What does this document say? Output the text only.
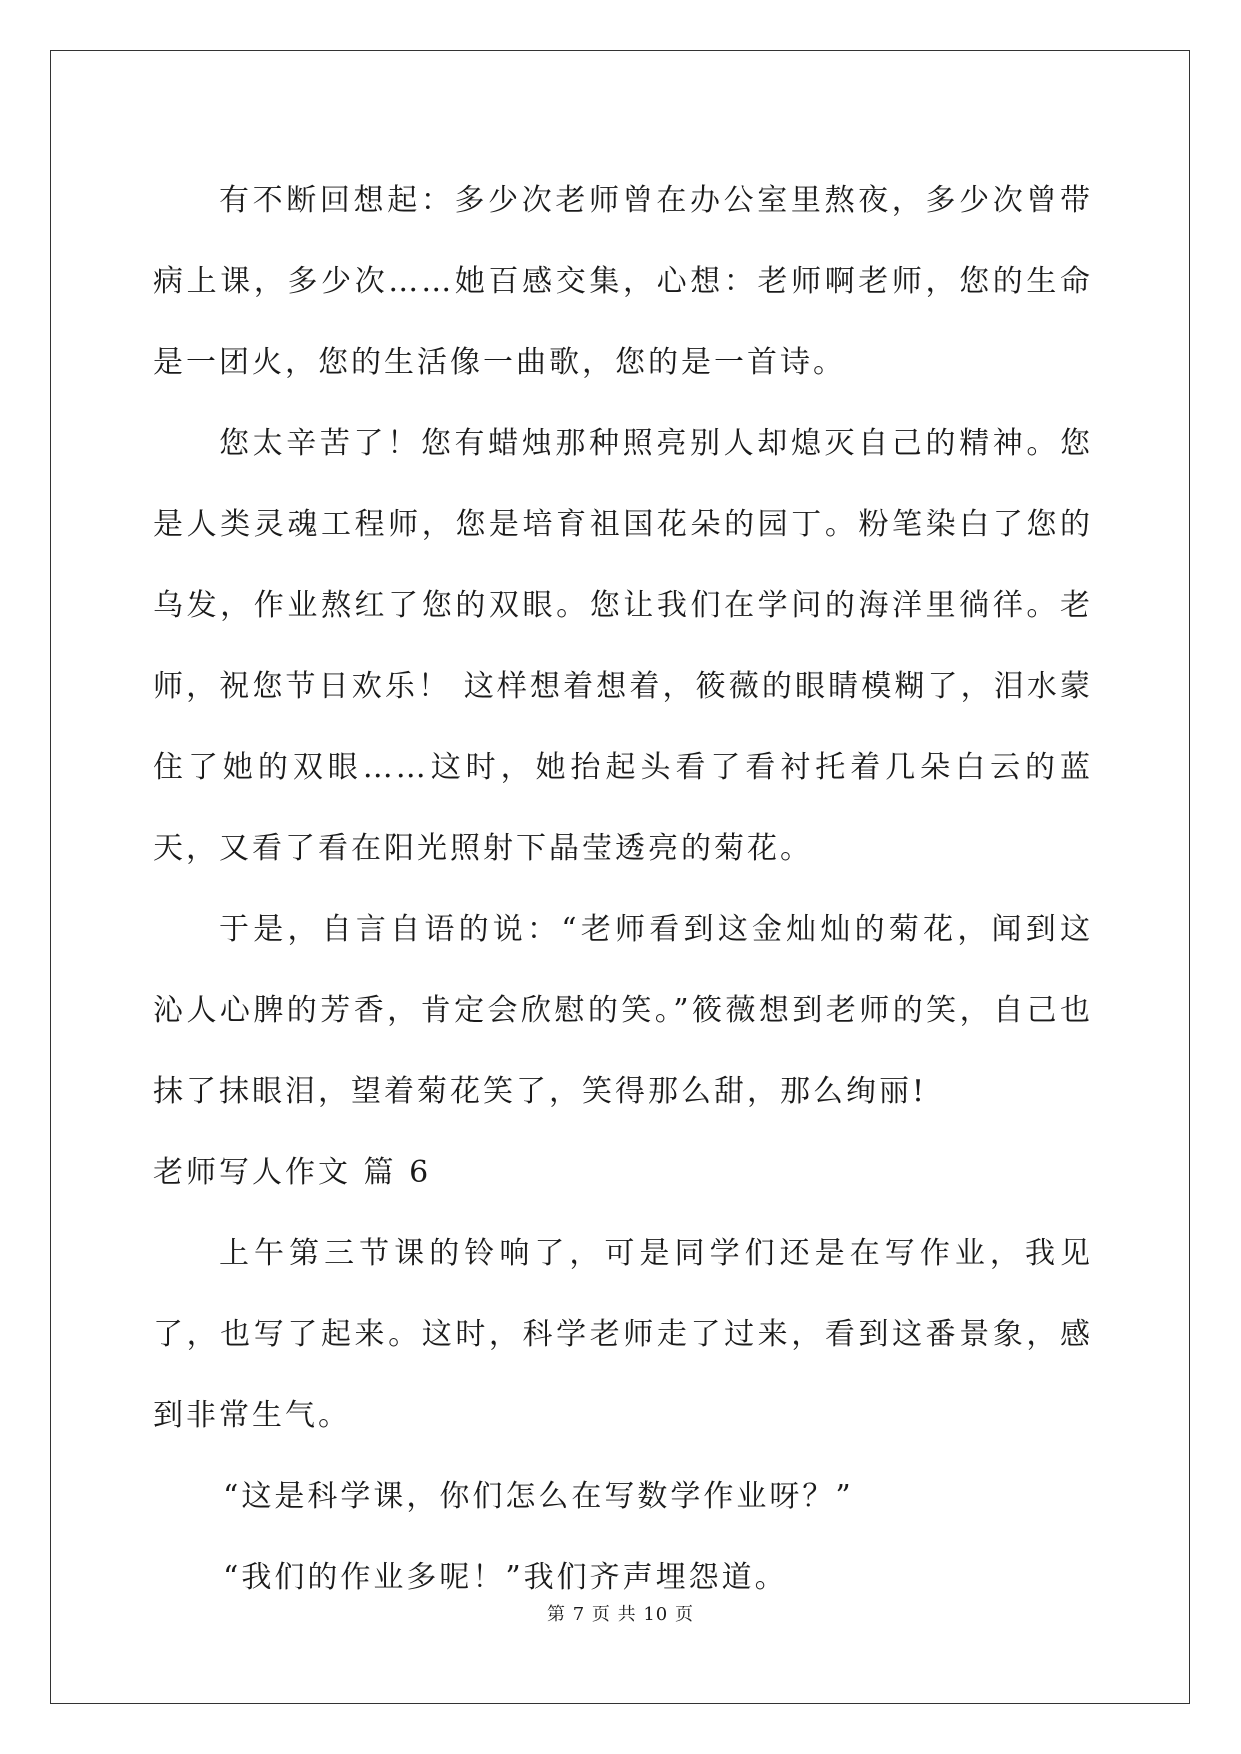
有不断回想起：多少次老师曾在办公室里熬夜，多少次曾带病上课，多少次……她百感交集，心想：老师啊老师，您的生命是一团火，您的生活像一曲歌，您的是一首诗。

您太辛苦了！您有蜡烛那种照亮别人却熄灭自己的精神。您是人类灵魂工程师，您是培育祖国花朵的园丁。粉笔染白了您的乌发，作业熬红了您的双眼。您让我们在学问的海洋里徜徉。老师，祝您节日欢乐！ 这样想着想着，筱薇的眼睛模糊了，泪水蒙住了她的双眼……这时，她抬起头看了看衬托着几朵白云的蓝天，又看了看在阳光照射下晶莹透亮的菊花。

于是，自言自语的说：“老师看到这金灿灿的菊花，闻到这沁人心脾的芳香，肯定会欣慰的笑。”筱薇想到老师的笑，自己也抹了抹眼泪，望着菊花笑了，笑得那么甜，那么绚丽!

老师写人作文 篇 6

上午第三节课的铃响了，可是同学们还是在写作业，我见了，也写了起来。这时，科学老师走了过来，看到这番景象，感到非常生气。

“这是科学课，你们怎么在写数学作业呀？”

“我们的作业多呢！”我们齐声埋怨道。

第 7 页 共 10 页
